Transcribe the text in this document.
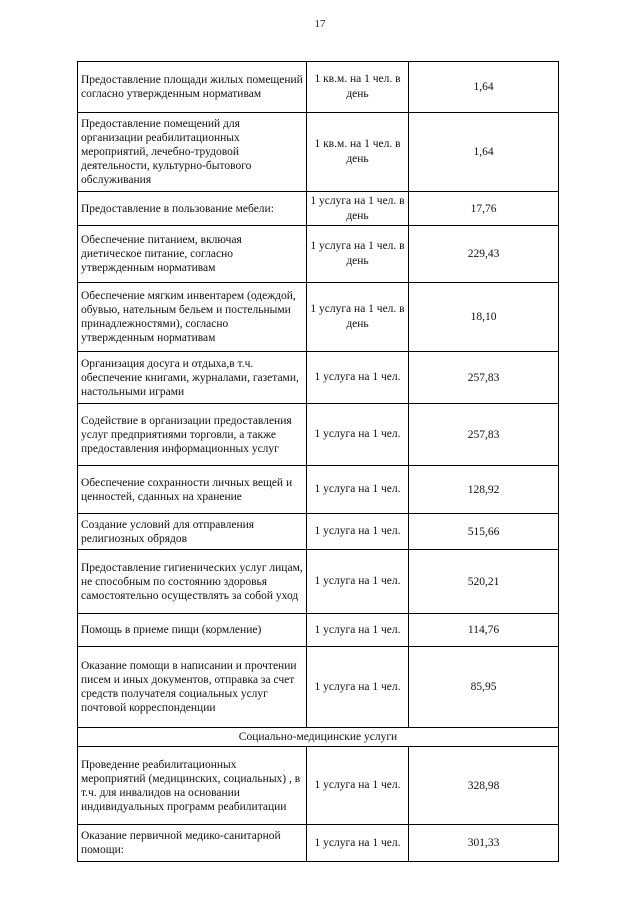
17
Предоставление площади жилых помещений согласно утвержденным нормативам	1 кв.м. на 1 чел. в день	1,64
Предоставление помещений для организации реабилитационных мероприятий, лечебно-трудовой деятельности, культурно-бытового обслуживания	1 кв.м. на 1 чел. в день	1,64
Предоставление в пользование мебели:	1 услуга на 1 чел. в день	17,76
Обеспечение питанием, включая диетическое питание, согласно утвержденным нормативам	1 услуга на 1 чел. в день	229,43
Обеспечение мягким инвентарем (одеждой, обувью, нательным бельем и постельными принадлежностями), согласно утвержденным нормативам	1 услуга на 1 чел. в день	18,10
Организация досуга и отдыха,в т.ч. обеспечение книгами, журналами, газетами, настольными играми	1 услуга на 1 чел.	257,83
Содействие в организации предоставления услуг предприятиями торговли, а также предоставления информационных услуг	1 услуга на 1 чел.	257,83
Обеспечение сохранности личных вещей и ценностей, сданных на хранение	1 услуга на 1 чел.	128,92
Создание условий для отправления религиозных обрядов	1 услуга на 1 чел.	515,66
Предоставление гигиенических услуг лицам, не способным по состоянию здоровья самостоятельно осуществлять за собой уход	1 услуга на 1 чел.	520,21
Помощь в приеме пищи (кормление)	1 услуга на 1 чел.	114,76
Оказание помощи в написании и прочтении писем и иных документов, отправка за счет средств получателя социальных услуг почтовой корреспонденции	1 услуга на 1 чел.	85,95
Социально-медицинские услуги		
Проведение реабилитационных мероприятий (медицинских, социальных) , в т.ч. для инвалидов на основании индивидуальных программ реабилитации	1 услуга на 1 чел.	328,98
Оказание первичной медико-санитарной помощи:	1 услуга на 1 чел.	301,33
